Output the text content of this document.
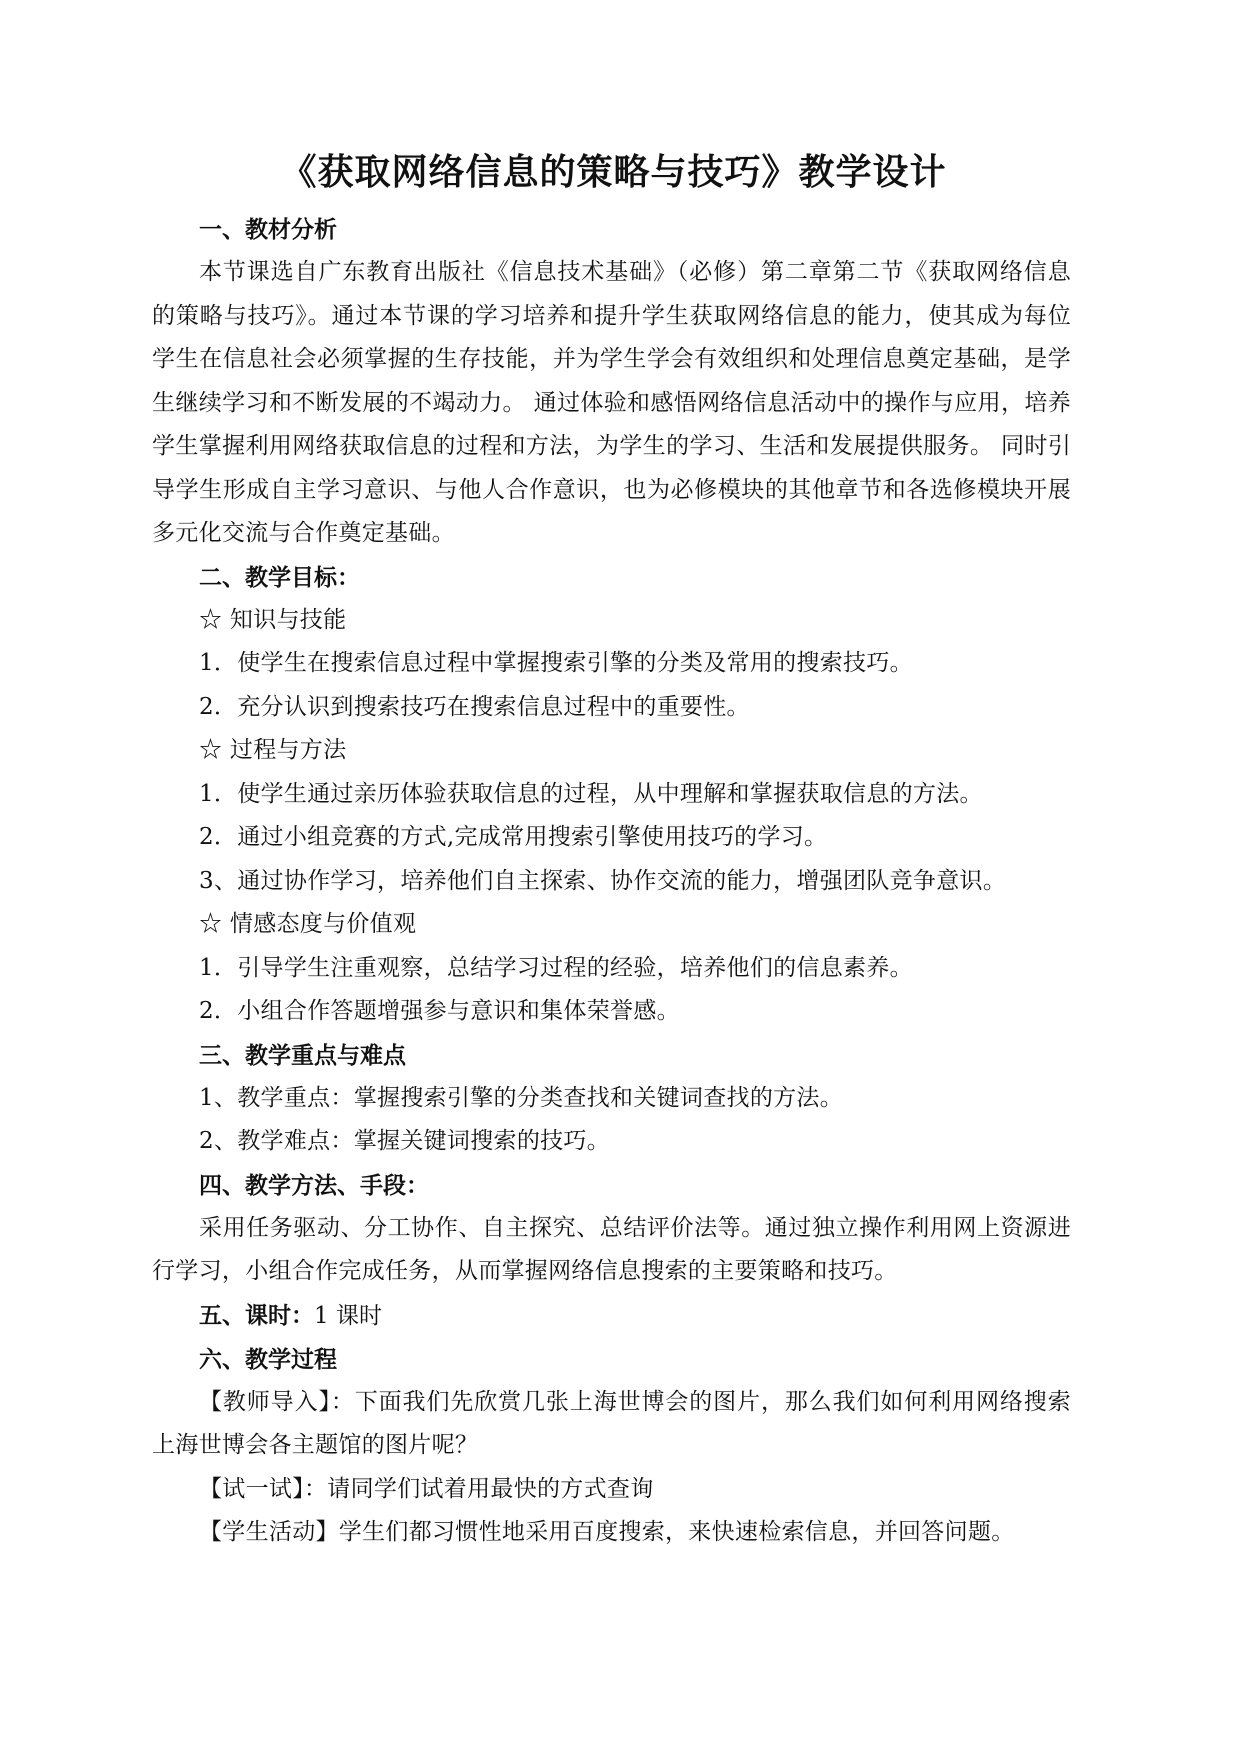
《获取网络信息的策略与技巧》教学设计

一、教材分析

本节课选自广东教育出版社《信息技术基础》（必修）第二章第二节《获取网络信息的策略与技巧》。通过本节课的学习培养和提升学生获取网络信息的能力，使其成为每位学生在信息社会必须掌握的生存技能，并为学生学会有效组织和处理信息奠定基础，是学生继续学习和不断发展的不竭动力。 通过体验和感悟网络信息活动中的操作与应用，培养学生掌握利用网络获取信息的过程和方法，为学生的学习、生活和发展提供服务。 同时引导学生形成自主学习意识、与他人合作意识，也为必修模块的其他章节和各选修模块开展多元化交流与合作奠定基础。

二、教学目标：

☆ 知识与技能

1．使学生在搜索信息过程中掌握搜索引擎的分类及常用的搜索技巧。

2．充分认识到搜索技巧在搜索信息过程中的重要性。

☆ 过程与方法

1．使学生通过亲历体验获取信息的过程，从中理解和掌握获取信息的方法。

2．通过小组竞赛的方式,完成常用搜索引擎使用技巧的学习。

3、通过协作学习，培养他们自主探索、协作交流的能力，增强团队竞争意识。

☆ 情感态度与价值观

1．引导学生注重观察，总结学习过程的经验，培养他们的信息素养。

2．小组合作答题增强参与意识和集体荣誉感。

三、教学重点与难点

1、教学重点：掌握搜索引擎的分类查找和关键词查找的方法。

2、教学难点：掌握关键词搜索的技巧。

四、教学方法、手段：

采用任务驱动、分工协作、自主探究、总结评价法等。通过独立操作利用网上资源进行学习，小组合作完成任务，从而掌握网络信息搜索的主要策略和技巧。

五、课时：1 课时

六、教学过程

【教师导入】：下面我们先欣赏几张上海世博会的图片，那么我们如何利用网络搜索上海世博会各主题馆的图片呢？

【试一试】：请同学们试着用最快的方式查询

【学生活动】学生们都习惯性地采用百度搜索，来快速检索信息，并回答问题。
